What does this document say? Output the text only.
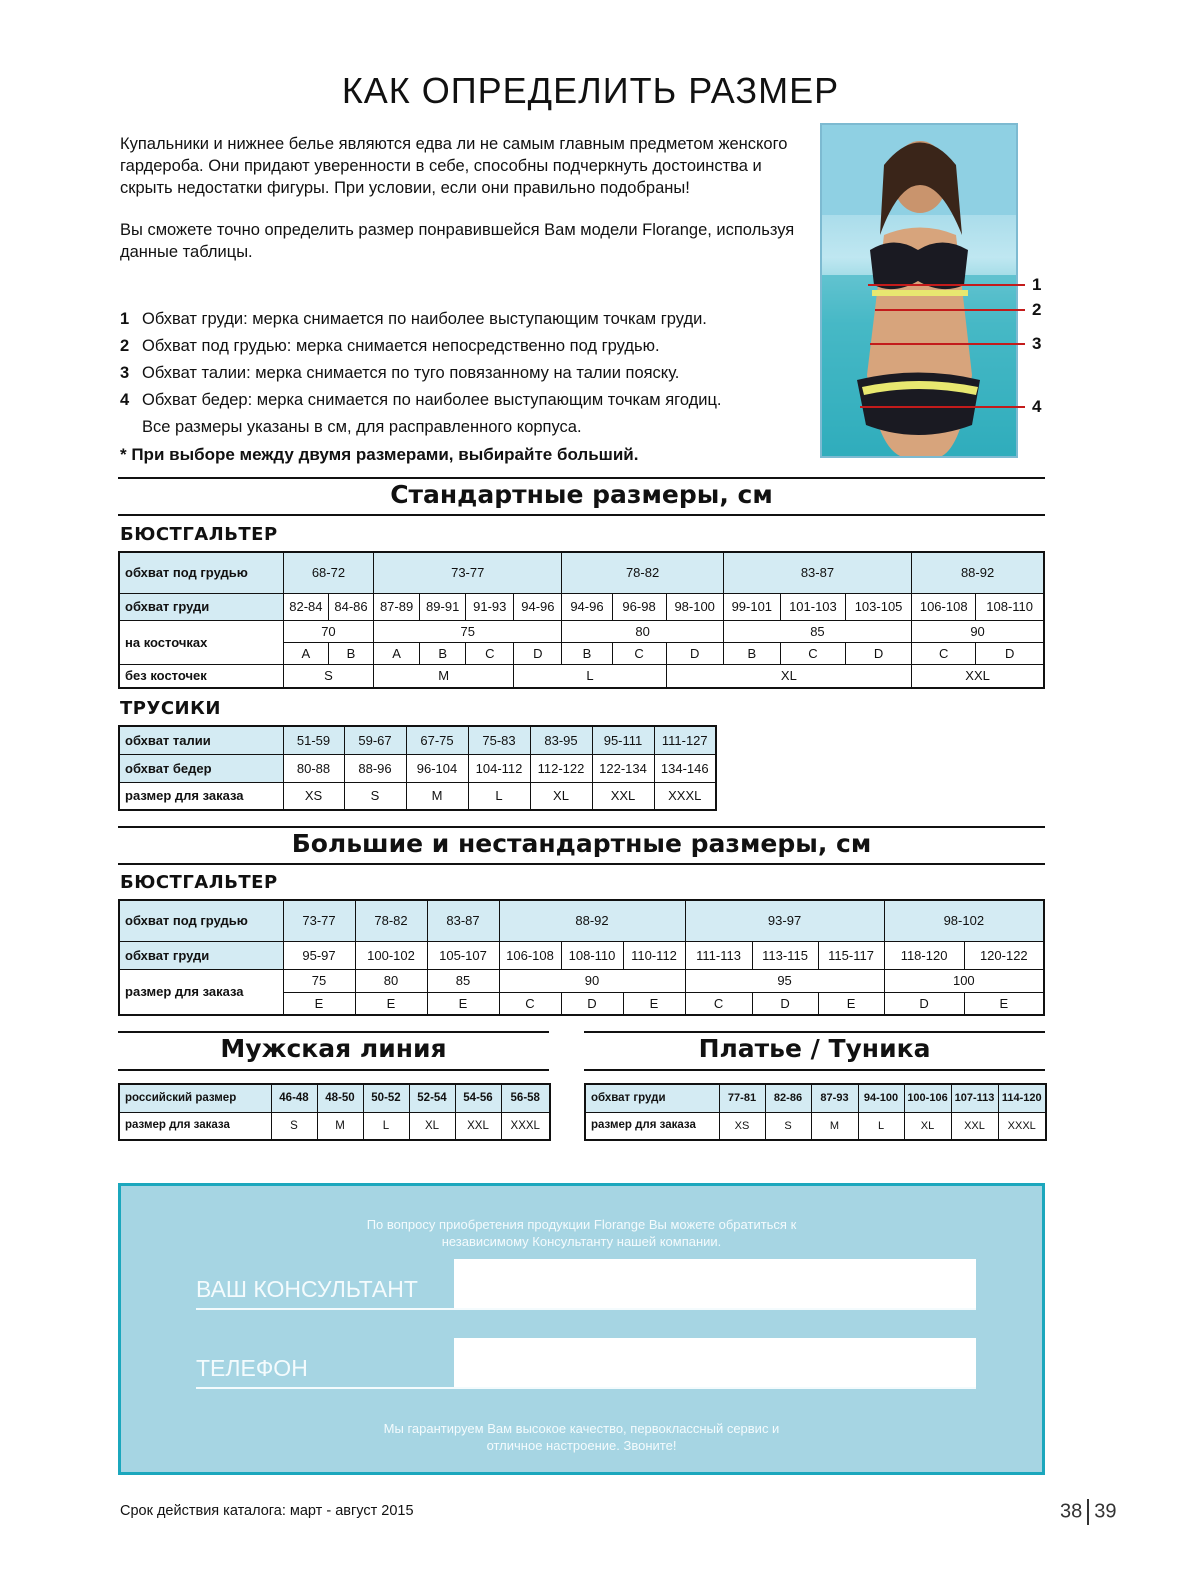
КАК ОПРЕДЕЛИТЬ РАЗМЕР

Купальники и нижнее белье являются едва ли не самым главным предметом женского гардероба. Они придают уверенности в себе, способны подчеркнуть достоинства и скрыть недостатки фигуры. При условии, если они правильно подобраны!

Вы сможете точно определить размер понравившейся Вам модели Florange, используя данные таблицы.

1 Обхват груди: мерка снимается по наиболее выступающим точкам груди.
2 Обхват под грудью: мерка снимается непосредственно под грудью.
3 Обхват талии: мерка снимается по туго повязанному на талии пояску.
4 Обхват бедер: мерка снимается по наиболее выступающим точкам ягодиц.
Все размеры указаны в см, для расправленного корпуса.
* При выборе между двумя размерами, выбирайте больший.
1
2
3
4
Стандартные размеры, см
БЮСТГАЛЬТЕР
обхват под грудью	68-72		73-77				78-82			83-87			88-92	
обхват груди	82-84	84-86	87-89	89-91	91-93	94-96	94-96	96-98	98-100	99-101	101-103	103-105	106-108	108-110
на косточках	70		75				80			85			90	
	A	B	A	B	C	D	B	C	D	B	C	D	C	D
без косточек	S		M			L			XL				XXL	
ТРУСИКИ
обхват талии	51-59	59-67	67-75	75-83	83-95	95-111	111-127
обхват бедер	80-88	88-96	96-104	104-112	112-122	122-134	134-146
размер для заказа	XS	S	M	L	XL	XXL	XXXL
Большие и нестандартные размеры, см
БЮСТГАЛЬТЕР
обхват под грудью	73-77	78-82	83-87	88-92			93-97			98-102	
обхват груди	95-97	100-102	105-107	106-108	108-110	110-112	111-113	113-115	115-117	118-120	120-122
размер для заказа	75	80	85	90			95			100	
	E	E	E	C	D	E	C	D	E	D	E
Мужская линия
российский размер	46-48	48-50	50-52	52-54	54-56	56-58
размер для заказа	S	M	L	XL	XXL	XXXL
Платье / Туника
обхват груди	77-81	82-86	87-93	94-100	100-106	107-113	114-120
размер для заказа	XS	S	M	L	XL	XXL	XXXL
По вопросу приобретения продукции Florange Вы можете обратиться к независимому Консультанту нашей компании.
ВАШ КОНСУЛЬТАНТ
ТЕЛЕФОН
Мы гарантируем Вам высокое качество, первоклассный сервис и отличное настроение. Звоните!
Срок действия каталога: март - август 2015	38 39
